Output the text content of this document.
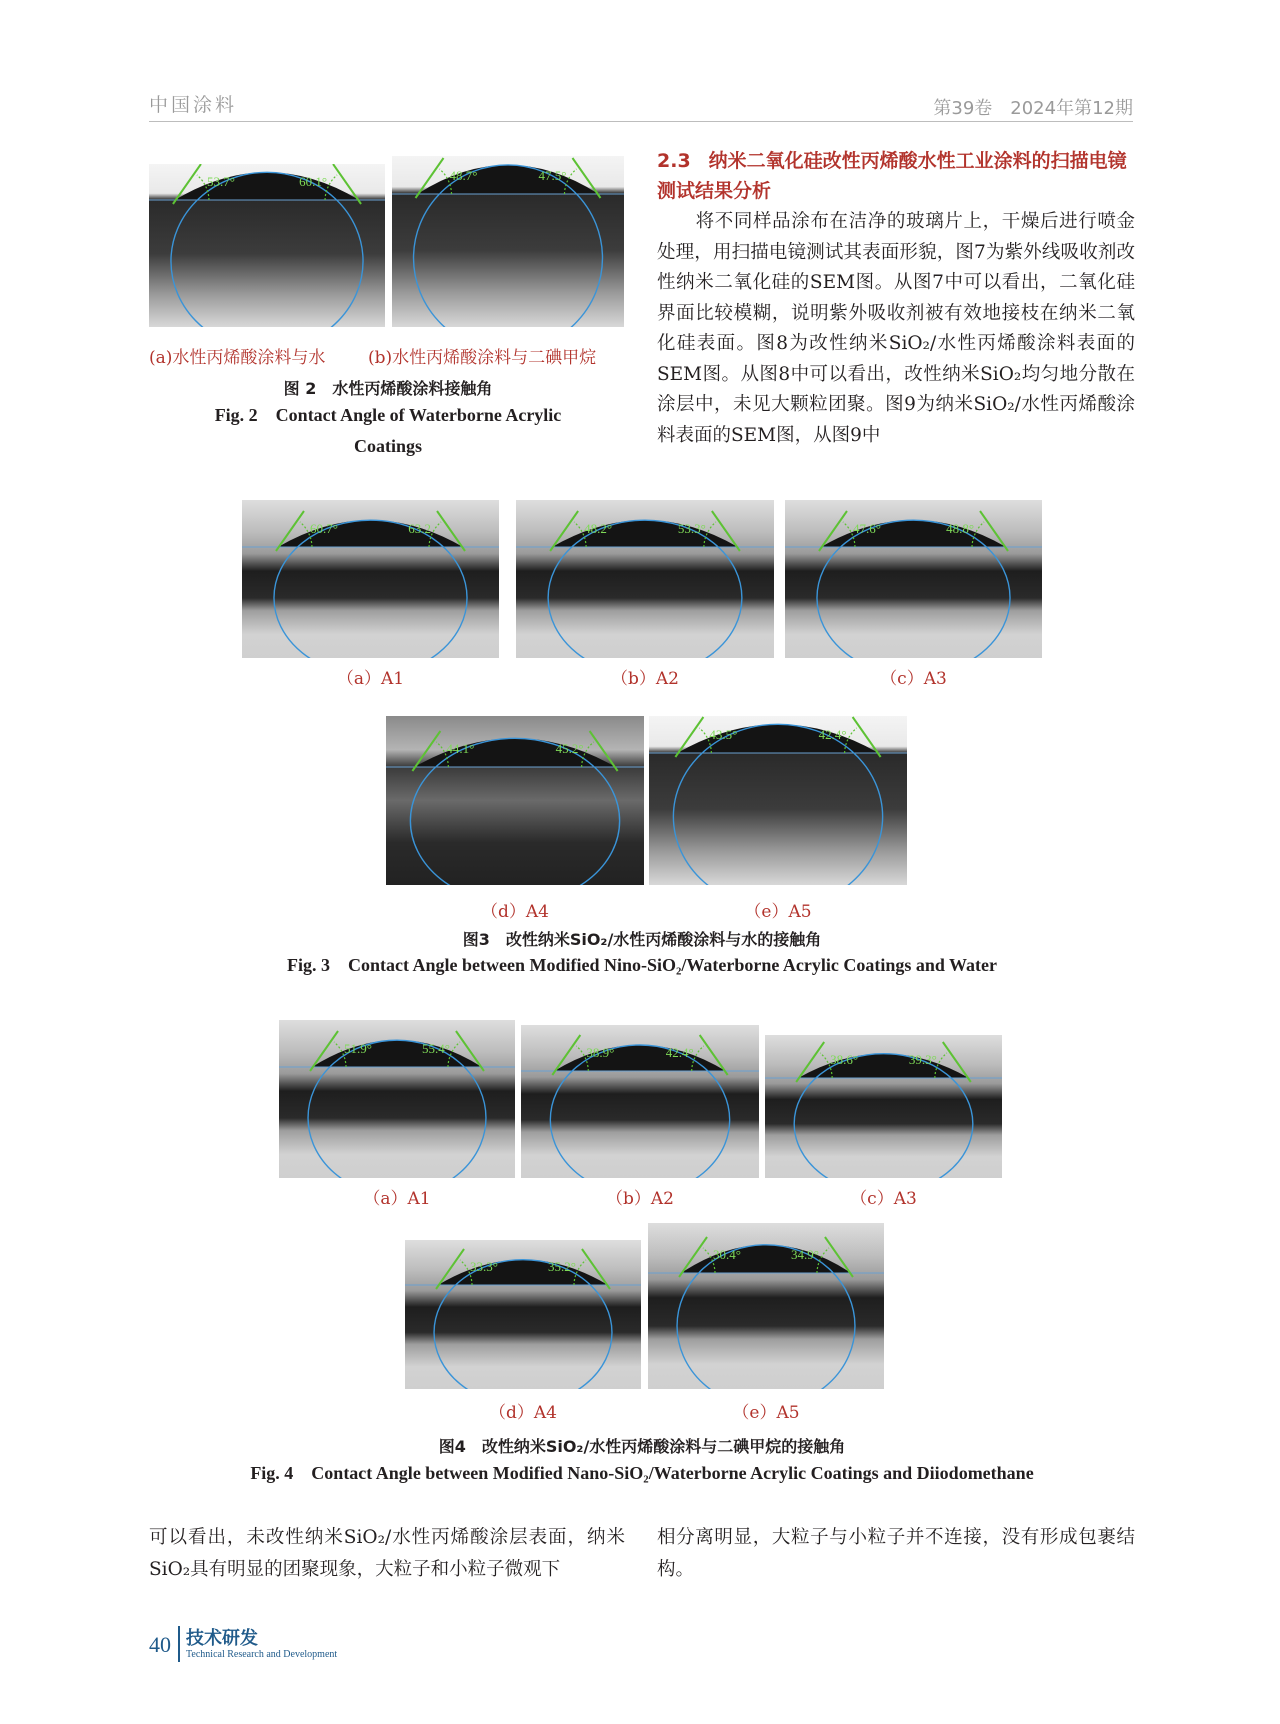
中国涂料	第39卷　2024年第12期
53.7°	60.1°	48.7°	47.5°
(a)水性丙烯酸涂料与水	(b)水性丙烯酸涂料与二碘甲烷
图 2　水性丙烯酸涂料接触角
Fig. 2　Contact Angle of Waterborne Acrylic Coatings
2.3 纳米二氧化硅改性丙烯酸水性工业涂料的扫描电镜测试结果分析
将不同样品涂布在洁净的玻璃片上，干燥后进行喷金处理，用扫描电镜测试其表面形貌，图7为紫外线吸收剂改性纳米二氧化硅的SEM图。从图7中可以看出，二氧化硅界面比较模糊，说明紫外吸收剂被有效地接枝在纳米二氧化硅表面。图8为改性纳米SiO₂/水性丙烯酸涂料表面的SEM图。从图8中可以看出，改性纳米SiO₂均匀地分散在涂层中，未见大颗粒团聚。图9为纳米SiO₂/水性丙烯酸涂料表面的SEM图，从图9中
60.7°	63.2	48.2°	53.3°	47.6°	48.8°
（a）A1	（b）A2	（c）A3
44.1°	45.2°
43.5°	42.4°
（d）A4	（e）A5
图3　改性纳米SiO₂/水性丙烯酸涂料与水的接触角
Fig. 3　Contact Angle between Modified Nino-SiO₂/Waterborne Acrylic Coatings and Water
51.9°	55.4°	38.9°	42.4°	38.6°	39.3°
（a）A1	（b）A2	（c）A3
33.3°	35.2°
30.4°	34.9°
（d）A4	（e）A5
图4　改性纳米SiO₂/水性丙烯酸涂料与二碘甲烷的接触角
Fig. 4　Contact Angle between Modified Nano-SiO₂/Waterborne Acrylic Coatings and Diiodomethane
可以看出，未改性纳米SiO₂/水性丙烯酸涂层表面，纳米SiO₂具有明显的团聚现象，大粒子和小粒子微观下
相分离明显，大粒子与小粒子并不连接，没有形成包裹结构。
40 技术研发
Technical Research and Development
